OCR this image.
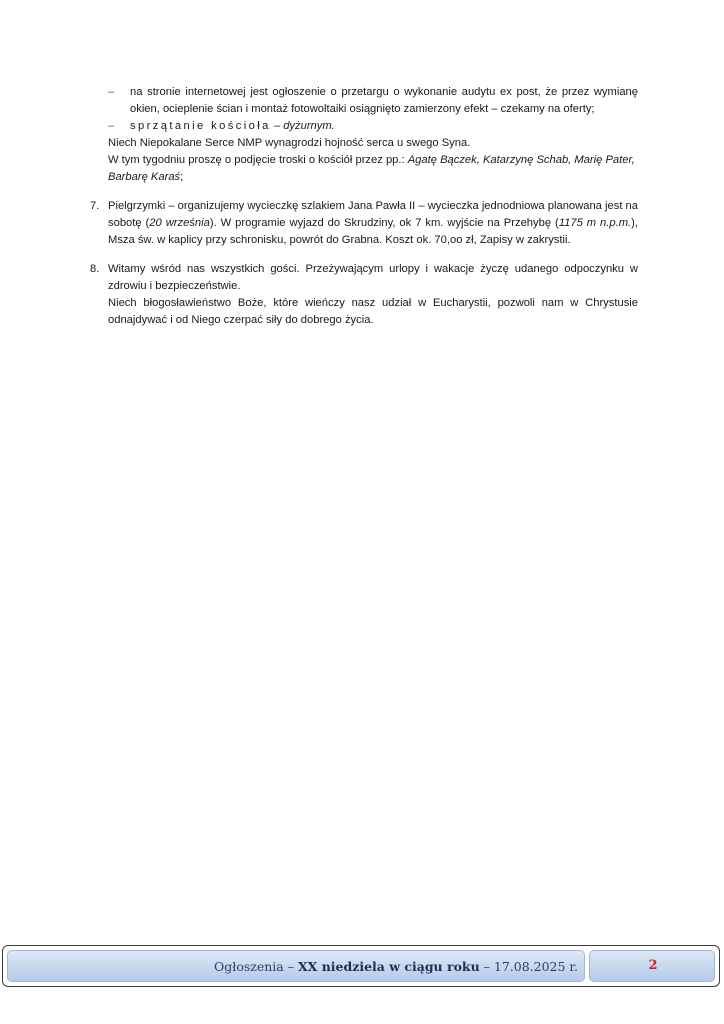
– na stronie internetowej jest ogłoszenie o przetargu o wykonanie audytu ex post, że przez wymianę okien, ocieplenie ścian i montaż fotowoltaiki osiągnięto zamierzony efekt – czekamy na oferty;
– sprzątanie kościoła – dyżurnym.
Niech Niepokalane Serce NMP wynagrodzi hojność serca u swego Syna.
W tym tygodniu proszę o podjęcie troski o kościół przez pp.: Agatę Bączek, Katarzynę Schab, Marię Pater, Barbarę Karaś;
7. Pielgrzymki – organizujemy wycieczkę szlakiem Jana Pawła II – wycieczka jednodniowa planowana jest na sobotę (20 września). W programie wyjazd do Skrudziny, ok 7 km. wyjście na Przehybę (1175 m n.p.m.), Msza św. w kaplicy przy schronisku, powrót do Grabna. Koszt ok. 70,oo zł, Zapisy w zakrystii.
8. Witamy wśród nas wszystkich gości. Przeżywającym urlopy i wakacje życzę udanego odpoczynku w zdrowiu i bezpieczeństwie.
Niech błogosławieństwo Boże, które wieńczy nasz udział w Eucharystii, pozwoli nam w Chrystusie odnajdywać i od Niego czerpać siły do dobrego życia.
Ogłoszenia – XX niedziela w ciągu roku – 17.08.2025 r.	2
